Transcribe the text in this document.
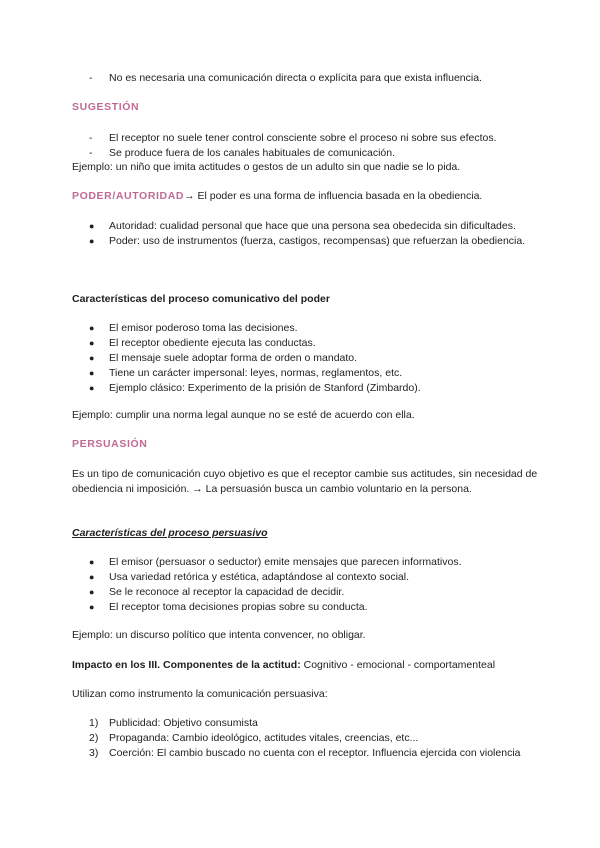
- No es necesaria una comunicación directa o explícita para que exista influencia.
SUGESTIÓN
- El receptor no suele tener control consciente sobre el proceso ni sobre sus efectos.
- Se produce fuera de los canales habituales de comunicación.
Ejemplo: un niño que imita actitudes o gestos de un adulto sin que nadie se lo pida.
PODER/AUTORIDAD→ El poder es una forma de influencia basada en la obediencia.
● Autoridad: cualidad personal que hace que una persona sea obedecida sin dificultades.
● Poder: uso de instrumentos (fuerza, castigos, recompensas) que refuerzan la obediencia.
Características del proceso comunicativo del poder
● El emisor poderoso toma las decisiones.
● El receptor obediente ejecuta las conductas.
● El mensaje suele adoptar forma de orden o mandato.
● Tiene un carácter impersonal: leyes, normas, reglamentos, etc.
● Ejemplo clásico: Experimento de la prisión de Stanford (Zimbardo).
Ejemplo: cumplir una norma legal aunque no se esté de acuerdo con ella.
PERSUASIÓN
Es un tipo de comunicación cuyo objetivo es que el receptor cambie sus actitudes, sin necesidad de obediencia ni imposición. → La persuasión busca un cambio voluntario en la persona.
Características del proceso persuasivo
● El emisor (persuasor o seductor) emite mensajes que parecen informativos.
● Usa variedad retórica y estética, adaptándose al contexto social.
● Se le reconoce al receptor la capacidad de decidir.
● El receptor toma decisiones propias sobre su conducta.
Ejemplo: un discurso político que intenta convencer, no obligar.
Impacto en los III. Componentes de la actitud: Cognitivo - emocional - comportamenteal
Utilizan como instrumento la comunicación persuasiva:
1) Publicidad: Objetivo consumista
2) Propaganda: Cambio ideológico, actitudes vitales, creencias, etc...
3) Coerción: El cambio buscado no cuenta con el receptor. Influencia ejercida con violencia
